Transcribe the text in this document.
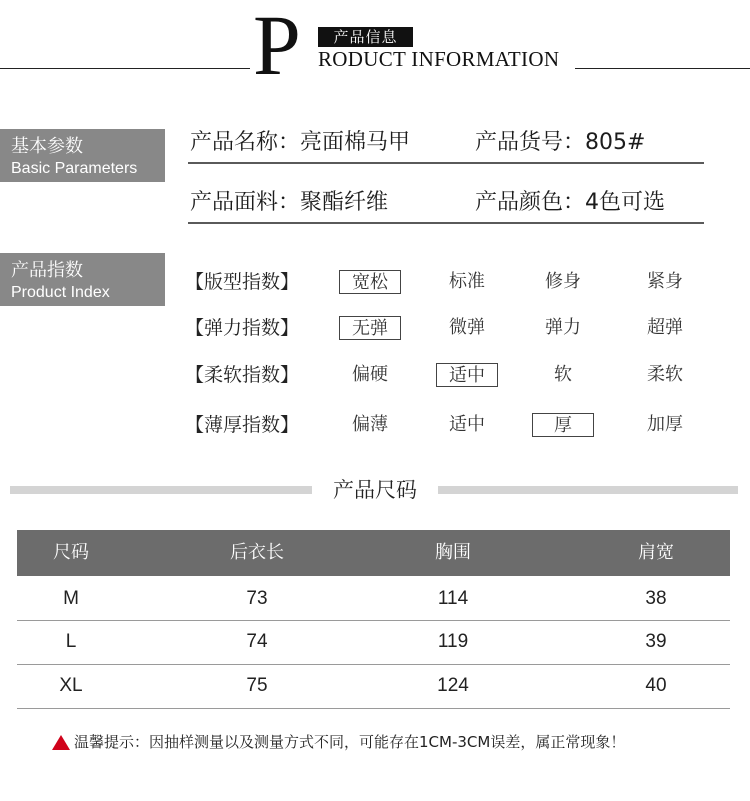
P	产品信息
RODUCT INFORMATION
基本参数
Basic Parameters
产品名称：亮面棉马甲	产品货号：805#
产品面料：聚酯纤维	产品颜色：4色可选
产品指数
Product Index	【版型指数】	宽松	标准	修身	紧身
【弹力指数】	无弹	微弹	弹力	超弹
【柔软指数】	偏硬	适中	软	柔软
【薄厚指数】	偏薄	适中	厚	加厚
产品尺码
尺码	后衣长	胸围	肩宽
M	73	114	38
L	74	119	39
XL	75	124	40
温馨提示：因抽样测量以及测量方式不同，可能存在1CM-3CM误差，属正常现象！
